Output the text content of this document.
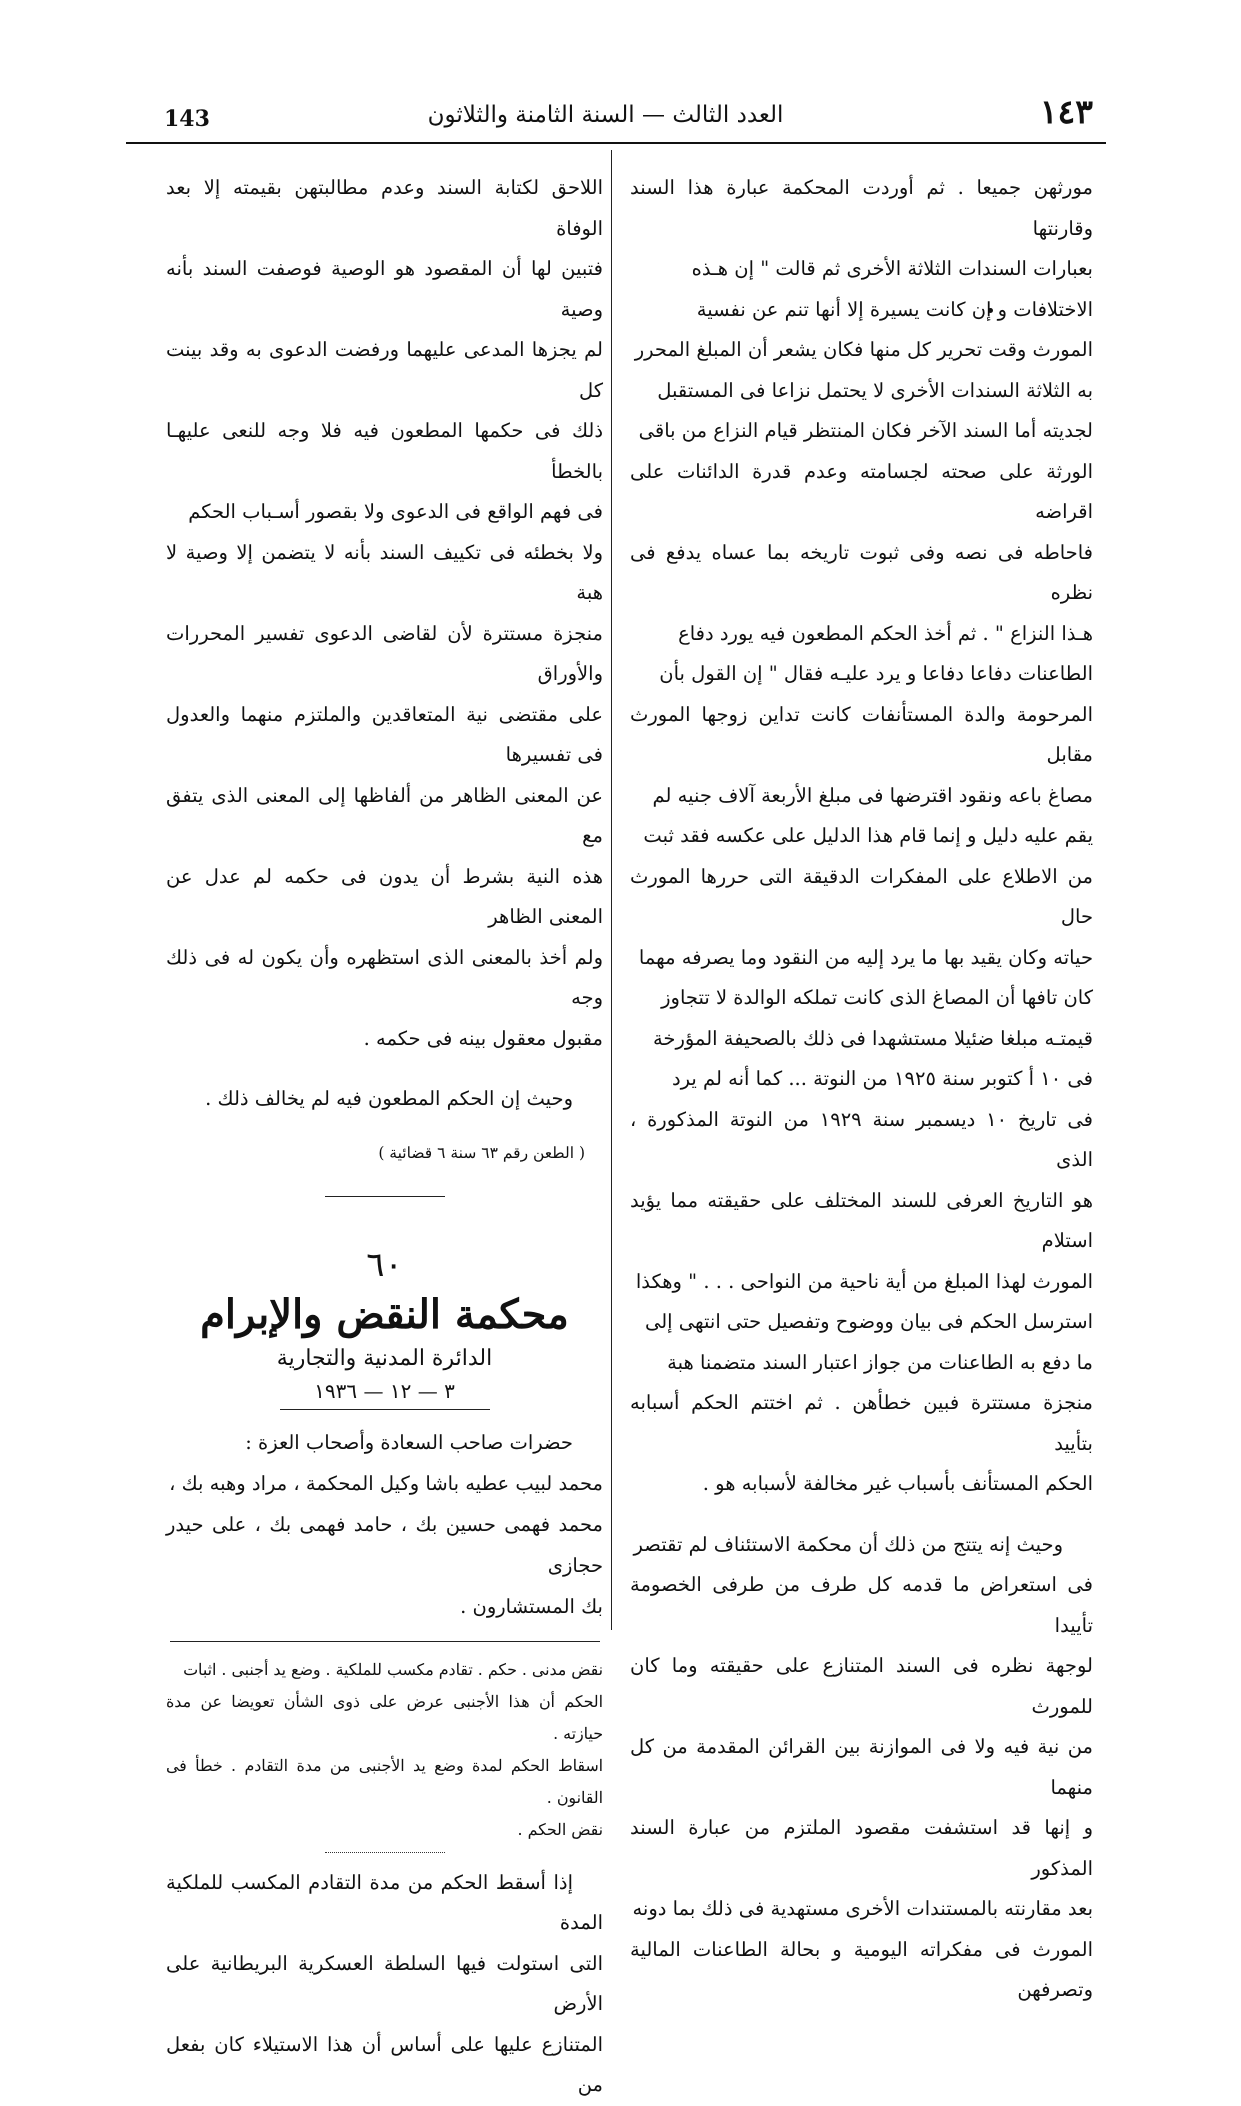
143	العدد الثالث — السنة الثامنة والثلاثون	١٤٣

مورثهن جميعا . ثم أوردت المحكمة عبارة هذا السند وقارنتها

بعبارات السندات الثلاثة الأخرى ثم قالت " إن هـذه

الاختلافات و إن كانت يسيرة إلا أنها تنم عن نفسية

المورث وقت تحرير كل منها فكان يشعر أن المبلغ المحرر

به الثلاثة السندات الأخرى لا يحتمل نزاعا فى المستقبل

لجديته أما السند الآخر فكان المنتظر قيام النزاع من باقى

الورثة على صحته لجسامته وعدم قدرة الدائنات على اقراضه

فاحاطه فى نصه وفى ثبوت تاريخه بما عساه يدفع فى نظره

هـذا النزاع " . ثم أخذ الحكم المطعون فيه يورد دفاع

الطاعنات دفاعا دفاعا و يرد عليـه فقال " إن القول بأن

المرحومة والدة المستأنفات كانت تداين زوجها المورث مقابل

مصاغ باعه ونقود اقترضها فى مبلغ الأربعة آلاف جنيه لم

يقم عليه دليل و إنما قام هذا الدليل على عكسه فقد ثبت

من الاطلاع على المفكرات الدقيقة التى حررها المورث حال

حياته وكان يقيد بها ما يرد إليه من النقود وما يصرفه مهما

كان تافها أن المصاغ الذى كانت تملكه الوالدة لا تتجاوز

قيمتـه مبلغا ضئيلا مستشهدا فى ذلك بالصحيفة المؤرخة

فى ١٠ أ كتوبر سنة ١٩٢٥ من النوتة ... كما أنه لم يرد

فى تاريخ ١٠ ديسمبر سنة ١٩٢٩ من النوتة المذكورة ، الذى

هو التاريخ العرفى للسند المختلف على حقيقته مما يؤيد استلام

المورث لهذا المبلغ من أية ناحية من النواحى . . . " وهكذا

استرسل الحكم فى بيان ووضوح وتفصيل حتى انتهى إلى

ما دفع به الطاعنات من جواز اعتبار السند متضمنا هبة

منجزة مستترة فبين خطأهن . ثم اختتم الحكم أسبابه بتأييد

الحكم المستأنف بأسباب غير مخالفة لأسبابه هو .

وحيث إنه يتتج من ذلك أن محكمة الاستئناف لم تقتصر

فى استعراض ما قدمه كل طرف من طرفى الخصومة تأييدا

لوجهة نظره فى السند المتنازع على حقيقته وما كان للمورث

من نية فيه ولا فى الموازنة بين القرائن المقدمة من كل منهما

و إنها قد استشفت مقصود الملتزم من عبارة السند المذكور

بعد مقارنته بالمستندات الأخرى مستهدية فى ذلك بما دونه

المورث فى مفكراته اليومية و بحالة الطاعنات المالية وتصرفهن

اللاحق لكتابة السند وعدم مطالبتهن بقيمته إلا بعد الوفاة

فتبين لها أن المقصود هو الوصية فوصفت السند بأنه وصية

لم يجزها المدعى عليهما ورفضت الدعوى به وقد بينت كل

ذلك فى حكمها المطعون فيه فلا وجه للنعى عليهـا بالخطأ

فى فهم الواقع فى الدعوى ولا بقصور أسـباب الحكم

ولا بخطئه فى تكييف السند بأنه لا يتضمن إلا وصية لا هبة

منجزة مستترة لأن لقاضى الدعوى تفسير المحررات والأوراق

على مقتضى نية المتعاقدين والملتزم منهما والعدول فى تفسيرها

عن المعنى الظاهر من ألفاظها إلى المعنى الذى يتفق مع

هذه النية بشرط أن يدون فى حكمه لم عدل عن المعنى الظاهر

ولم أخذ بالمعنى الذى استظهره وأن يكون له فى ذلك وجه

مقبول معقول بينه فى حكمه .

وحيث إن الحكم المطعون فيه لم يخالف ذلك .

( الطعن رقم ٦٣ سنة ٦ قضائية )
٦٠
محكمة النقض والإبرام
الدائرة المدنية والتجارية
٣ — ١٢ — ١٩٣٦

حضرات صاحب السعادة وأصحاب العزة :

محمد لبيب عطيه باشا وكيل المحكمة ، مراد وهبه بك ،

محمد فهمى حسين بك ، حامد فهمى بك ، على حيدر حجازى

بك المستشارون .

نقض مدنى . حكم . تقادم مكسب للملكية . وضع يد أجنبى . اثبات
الحكم أن هذا الأجنبى عرض على ذوى الشأن تعويضا عن مدة حيازته .
اسقاط الحكم لمدة وضع يد الأجنبى من مدة التقادم . خطأ فى القانون .
نقض الحكم .

إذا أسقط الحكم من مدة التقادم المكسب للملكية المدة

التى استولت فيها السلطة العسكرية البريطانية على الأرض

المتنازع عليها على أساس أن هذا الاستيلاء كان بفعل من
